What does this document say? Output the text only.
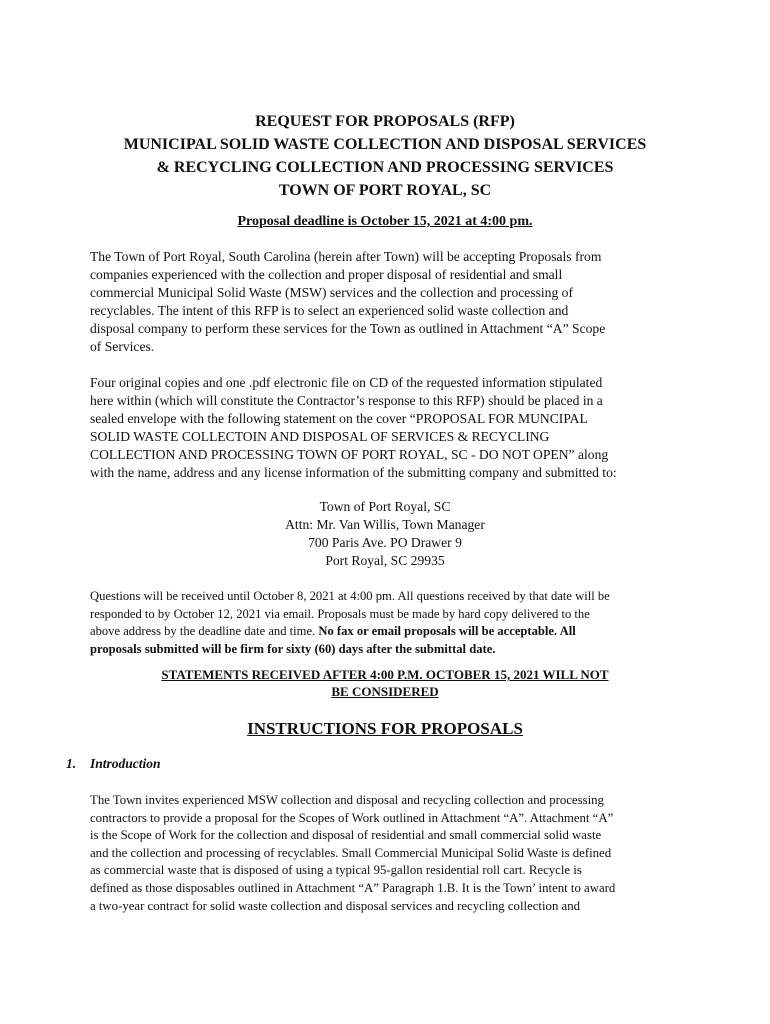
REQUEST FOR PROPOSALS (RFP)
MUNICIPAL SOLID WASTE COLLECTION AND DISPOSAL SERVICES
& RECYCLING COLLECTION AND PROCESSING SERVICES
TOWN OF PORT ROYAL, SC
Proposal deadline is October 15, 2021 at 4:00 pm.
The Town of Port Royal, South Carolina (herein after Town) will be accepting Proposals from
companies experienced with the collection and proper disposal of residential and small
commercial Municipal Solid Waste (MSW) services and the collection and processing of
recyclables. The intent of this RFP is to select an experienced solid waste collection and
disposal company to perform these services for the Town as outlined in Attachment “A” Scope
of Services.
Four original copies and one .pdf electronic file on CD of the requested information stipulated
here within (which will constitute the Contractor’s response to this RFP) should be placed in a
sealed envelope with the following statement on the cover “PROPOSAL FOR MUNCIPAL
SOLID WASTE COLLECTOIN AND DISPOSAL OF SERVICES & RECYCLING
COLLECTION AND PROCESSING TOWN OF PORT ROYAL, SC - DO NOT OPEN” along
with the name, address and any license information of the submitting company and submitted to:
Town of Port Royal, SC
Attn: Mr. Van Willis, Town Manager
700 Paris Ave. PO Drawer 9
Port Royal, SC 29935
Questions will be received until October 8, 2021 at 4:00 pm. All questions received by that date will be
responded to by October 12, 2021 via email. Proposals must be made by hard copy delivered to the
above address by the deadline date and time. No fax or email proposals will be acceptable. All
proposals submitted will be firm for sixty (60) days after the submittal date.
STATEMENTS RECEIVED AFTER 4:00 P.M. OCTOBER 15, 2021 WILL NOT
BE CONSIDERED
INSTRUCTIONS FOR PROPOSALS
1. Introduction
The Town invites experienced MSW collection and disposal and recycling collection and processing
contractors to provide a proposal for the Scopes of Work outlined in Attachment “A”. Attachment “A”
is the Scope of Work for the collection and disposal of residential and small commercial solid waste
and the collection and processing of recyclables. Small Commercial Municipal Solid Waste is defined
as commercial waste that is disposed of using a typical 95-gallon residential roll cart. Recycle is
defined as those disposables outlined in Attachment “A” Paragraph 1.B. It is the Town’ intent to award
a two-year contract for solid waste collection and disposal services and recycling collection and
